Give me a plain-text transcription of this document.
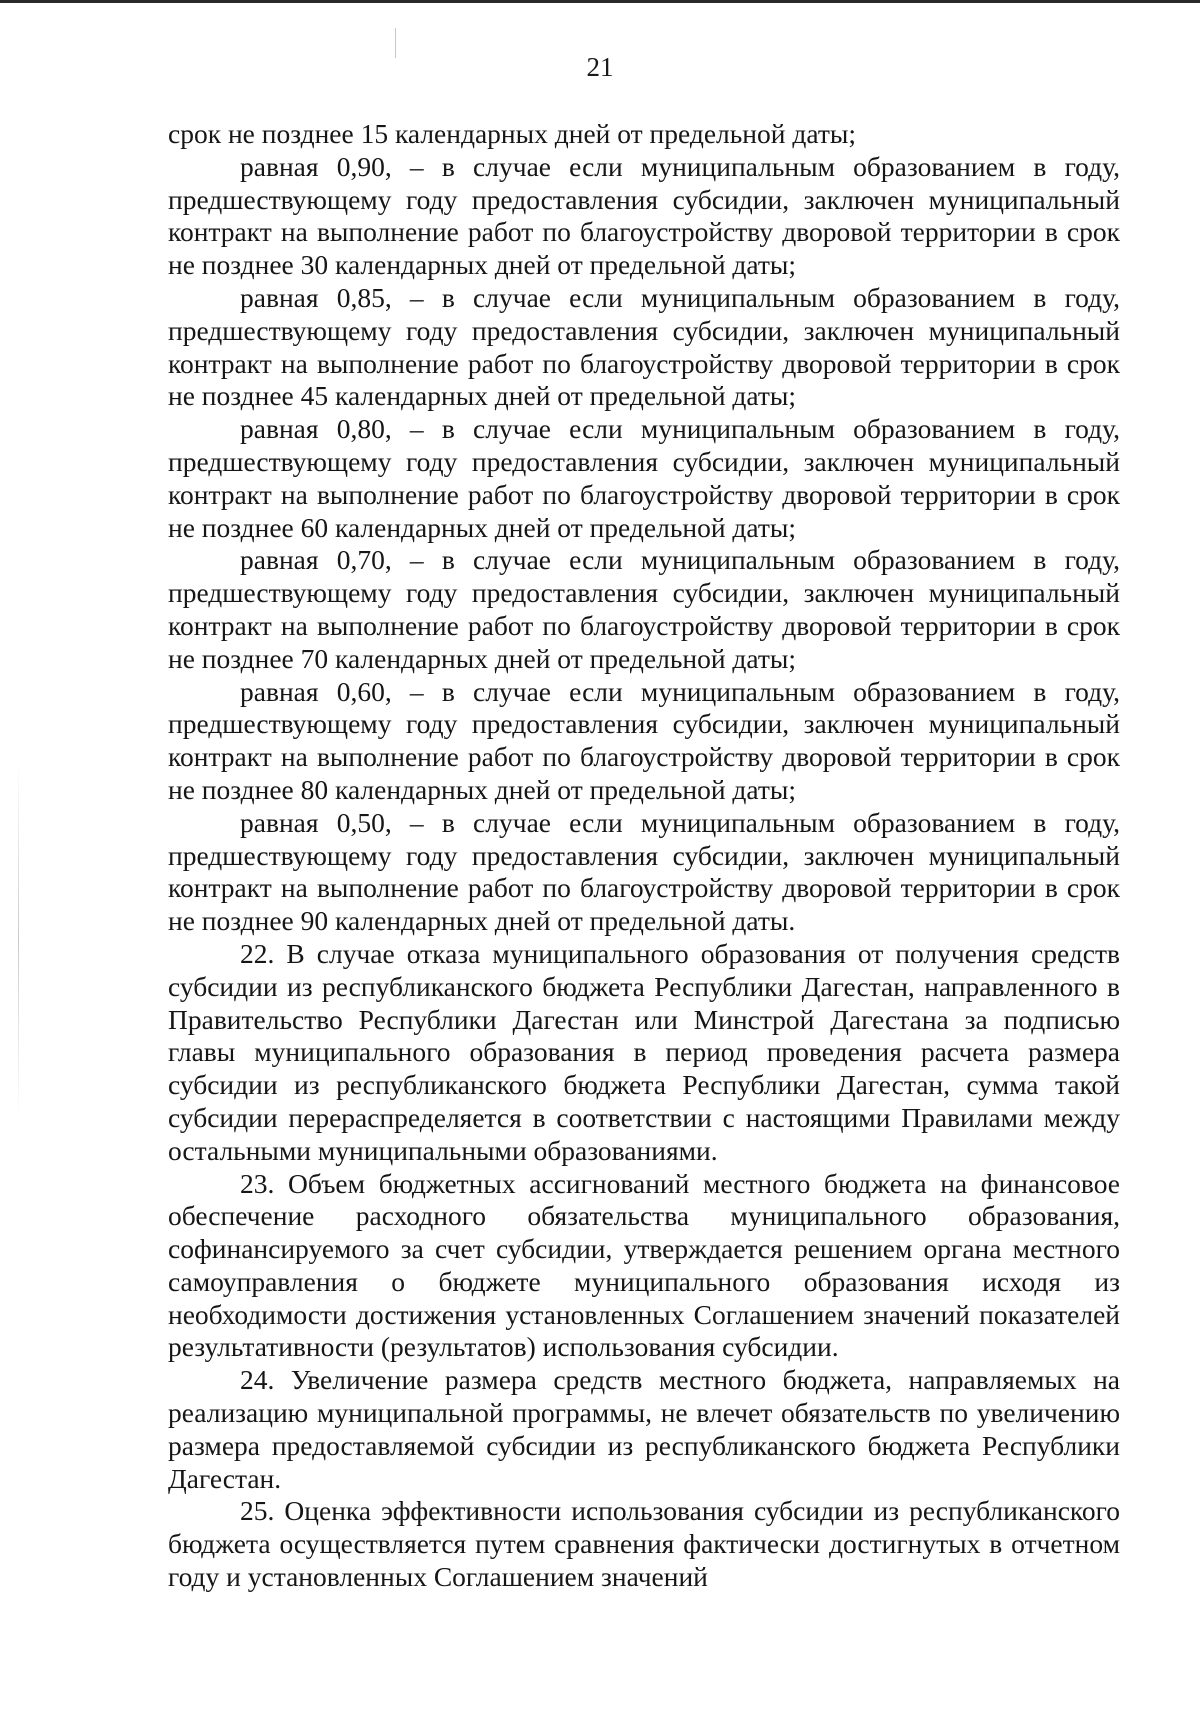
21

срок не позднее 15 календарных дней от предельной даты;

равная 0,90, – в случае если муниципальным образованием в году, предшествующему году предоставления субсидии, заключен муниципальный контракт на выполнение работ по благоустройству дворовой территории в срок не позднее 30 календарных дней от предельной даты;

равная 0,85, – в случае если муниципальным образованием в году, предшествующему году предоставления субсидии, заключен муниципальный контракт на выполнение работ по благоустройству дворовой территории в срок не позднее 45 календарных дней от предельной даты;

равная 0,80, – в случае если муниципальным образованием в году, предшествующему году предоставления субсидии, заключен муниципальный контракт на выполнение работ по благоустройству дворовой территории в срок не позднее 60 календарных дней от предельной даты;

равная 0,70, – в случае если муниципальным образованием в году, предшествующему году предоставления субсидии, заключен муниципальный контракт на выполнение работ по благоустройству дворовой территории в срок не позднее 70 календарных дней от предельной даты;

равная 0,60, – в случае если муниципальным образованием в году, предшествующему году предоставления субсидии, заключен муниципальный контракт на выполнение работ по благоустройству дворовой территории в срок не позднее 80 календарных дней от предельной даты;

равная 0,50, – в случае если муниципальным образованием в году, предшествующему году предоставления субсидии, заключен муниципальный контракт на выполнение работ по благоустройству дворовой территории в срок не позднее 90 календарных дней от предельной даты.

22. В случае отказа муниципального образования от получения средств субсидии из республиканского бюджета Республики Дагестан, направленного в Правительство Республики Дагестан или Минстрой Дагестана за подписью главы муниципального образования в период проведения расчета размера субсидии из республиканского бюджета Республики Дагестан, сумма такой субсидии перераспределяется в соответствии с настоящими Правилами между остальными муниципальными образованиями.

23. Объем бюджетных ассигнований местного бюджета на финансовое обеспечение расходного обязательства муниципального образования, софинансируемого за счет субсидии, утверждается решением органа местного самоуправления о бюджете муниципального образования исходя из необходимости достижения установленных Соглашением значений показателей результативности (результатов) использования субсидии.

24. Увеличение размера средств местного бюджета, направляемых на реализацию муниципальной программы, не влечет обязательств по увеличению размера предоставляемой субсидии из республиканского бюджета Республики Дагестан.

25. Оценка эффективности использования субсидии из республиканского бюджета осуществляется путем сравнения фактически достигнутых в отчетном году и установленных Соглашением значений
